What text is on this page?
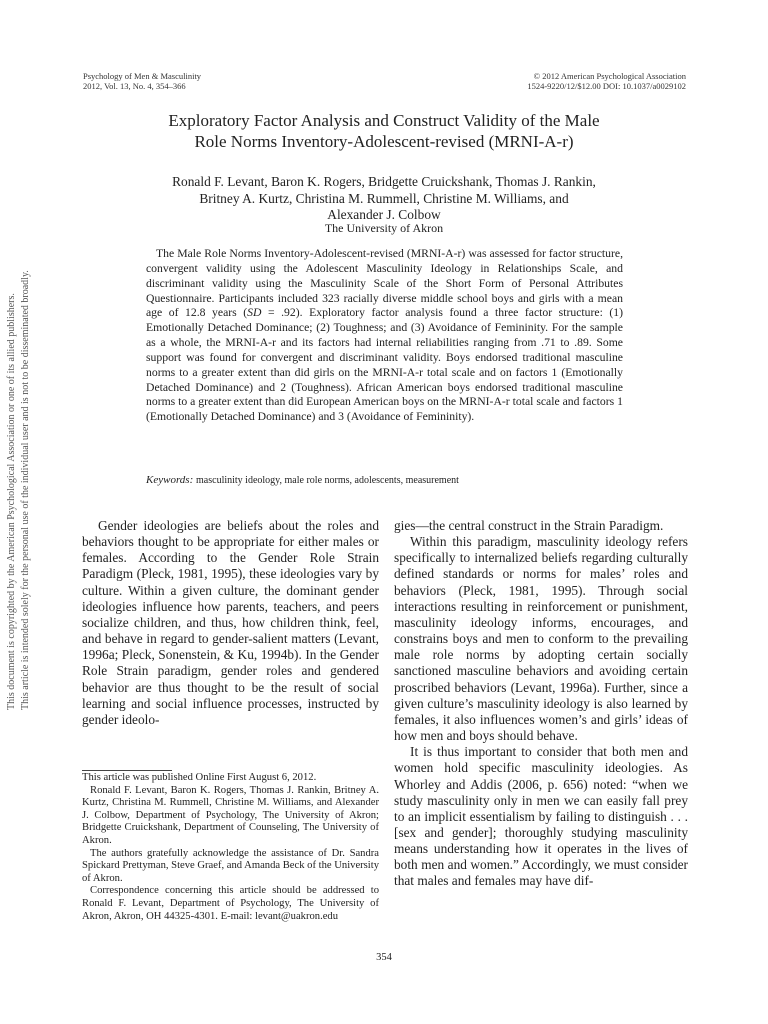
This document is copyrighted by the American Psychological Association or one of its allied publishers. This article is intended solely for the personal use of the individual user and is not to be disseminated broadly.
Psychology of Men & Masculinity
2012, Vol. 13, No. 4, 354–366
© 2012 American Psychological Association
1524-9220/12/$12.00 DOI: 10.1037/a0029102
Exploratory Factor Analysis and Construct Validity of the Male
Role Norms Inventory-Adolescent-revised (MRNI-A-r)
Ronald F. Levant, Baron K. Rogers, Bridgette Cruickshank, Thomas J. Rankin,
Britney A. Kurtz, Christina M. Rummell, Christine M. Williams, and
Alexander J. Colbow
The University of Akron

The Male Role Norms Inventory-Adolescent-revised (MRNI-A-r) was assessed for factor structure, convergent validity using the Adolescent Masculinity Ideology in Relationships Scale, and discriminant validity using the Masculinity Scale of the Short Form of Personal Attributes Questionnaire. Participants included 323 racially diverse middle school boys and girls with a mean age of 12.8 years (SD = .92). Exploratory factor analysis found a three factor structure: (1) Emotionally Detached Dominance; (2) Toughness; and (3) Avoidance of Femininity. For the sample as a whole, the MRNI-A-r and its factors had internal reliabilities ranging from .71 to .89. Some support was found for convergent and discriminant validity. Boys endorsed traditional masculine norms to a greater extent than did girls on the MRNI-A-r total scale and on factors 1 (Emotionally Detached Dominance) and 2 (Toughness). African American boys endorsed traditional masculine norms to a greater extent than did European American boys on the MRNI-A-r total scale and factors 1 (Emotionally Detached Dominance) and 3 (Avoidance of Femininity).

Keywords: masculinity ideology, male role norms, adolescents, measurement

Gender ideologies are beliefs about the roles and behaviors thought to be appropriate for either males or females. According to the Gender Role Strain Paradigm (Pleck, 1981, 1995), these ideologies vary by culture. Within a given culture, the dominant gender ideologies influence how parents, teachers, and peers socialize children, and thus, how children think, feel, and behave in regard to gender-salient matters (Levant, 1996a; Pleck, Sonenstein, & Ku, 1994b). In the Gender Role Strain paradigm, gender roles and gendered behavior are thus thought to be the result of social learning and social influence processes, instructed by gender ideolo-

This article was published Online First August 6, 2012.

Ronald F. Levant, Baron K. Rogers, Thomas J. Rankin, Britney A. Kurtz, Christina M. Rummell, Christine M. Williams, and Alexander J. Colbow, Department of Psychology, The University of Akron; Bridgette Cruickshank, Department of Counseling, The University of Akron.

The authors gratefully acknowledge the assistance of Dr. Sandra Spickard Prettyman, Steve Graef, and Amanda Beck of the University of Akron.

Correspondence concerning this article should be addressed to Ronald F. Levant, Department of Psychology, The University of Akron, Akron, OH 44325-4301. E-mail: levant@uakron.edu

gies—the central construct in the Strain Paradigm.

Within this paradigm, masculinity ideology refers specifically to internalized beliefs regarding culturally defined standards or norms for males’ roles and behaviors (Pleck, 1981, 1995). Through social interactions resulting in reinforcement or punishment, masculinity ideology informs, encourages, and constrains boys and men to conform to the prevailing male role norms by adopting certain socially sanctioned masculine behaviors and avoiding certain proscribed behaviors (Levant, 1996a). Further, since a given culture’s masculinity ideology is also learned by females, it also influences women’s and girls’ ideas of how men and boys should behave.

It is thus important to consider that both men and women hold specific masculinity ideologies. As Whorley and Addis (2006, p. 656) noted: “when we study masculinity only in men we can easily fall prey to an implicit essentialism by failing to distinguish . . . [sex and gender]; thoroughly studying masculinity means understanding how it operates in the lives of both men and women.” Accordingly, we must consider that males and females may have dif-

354
